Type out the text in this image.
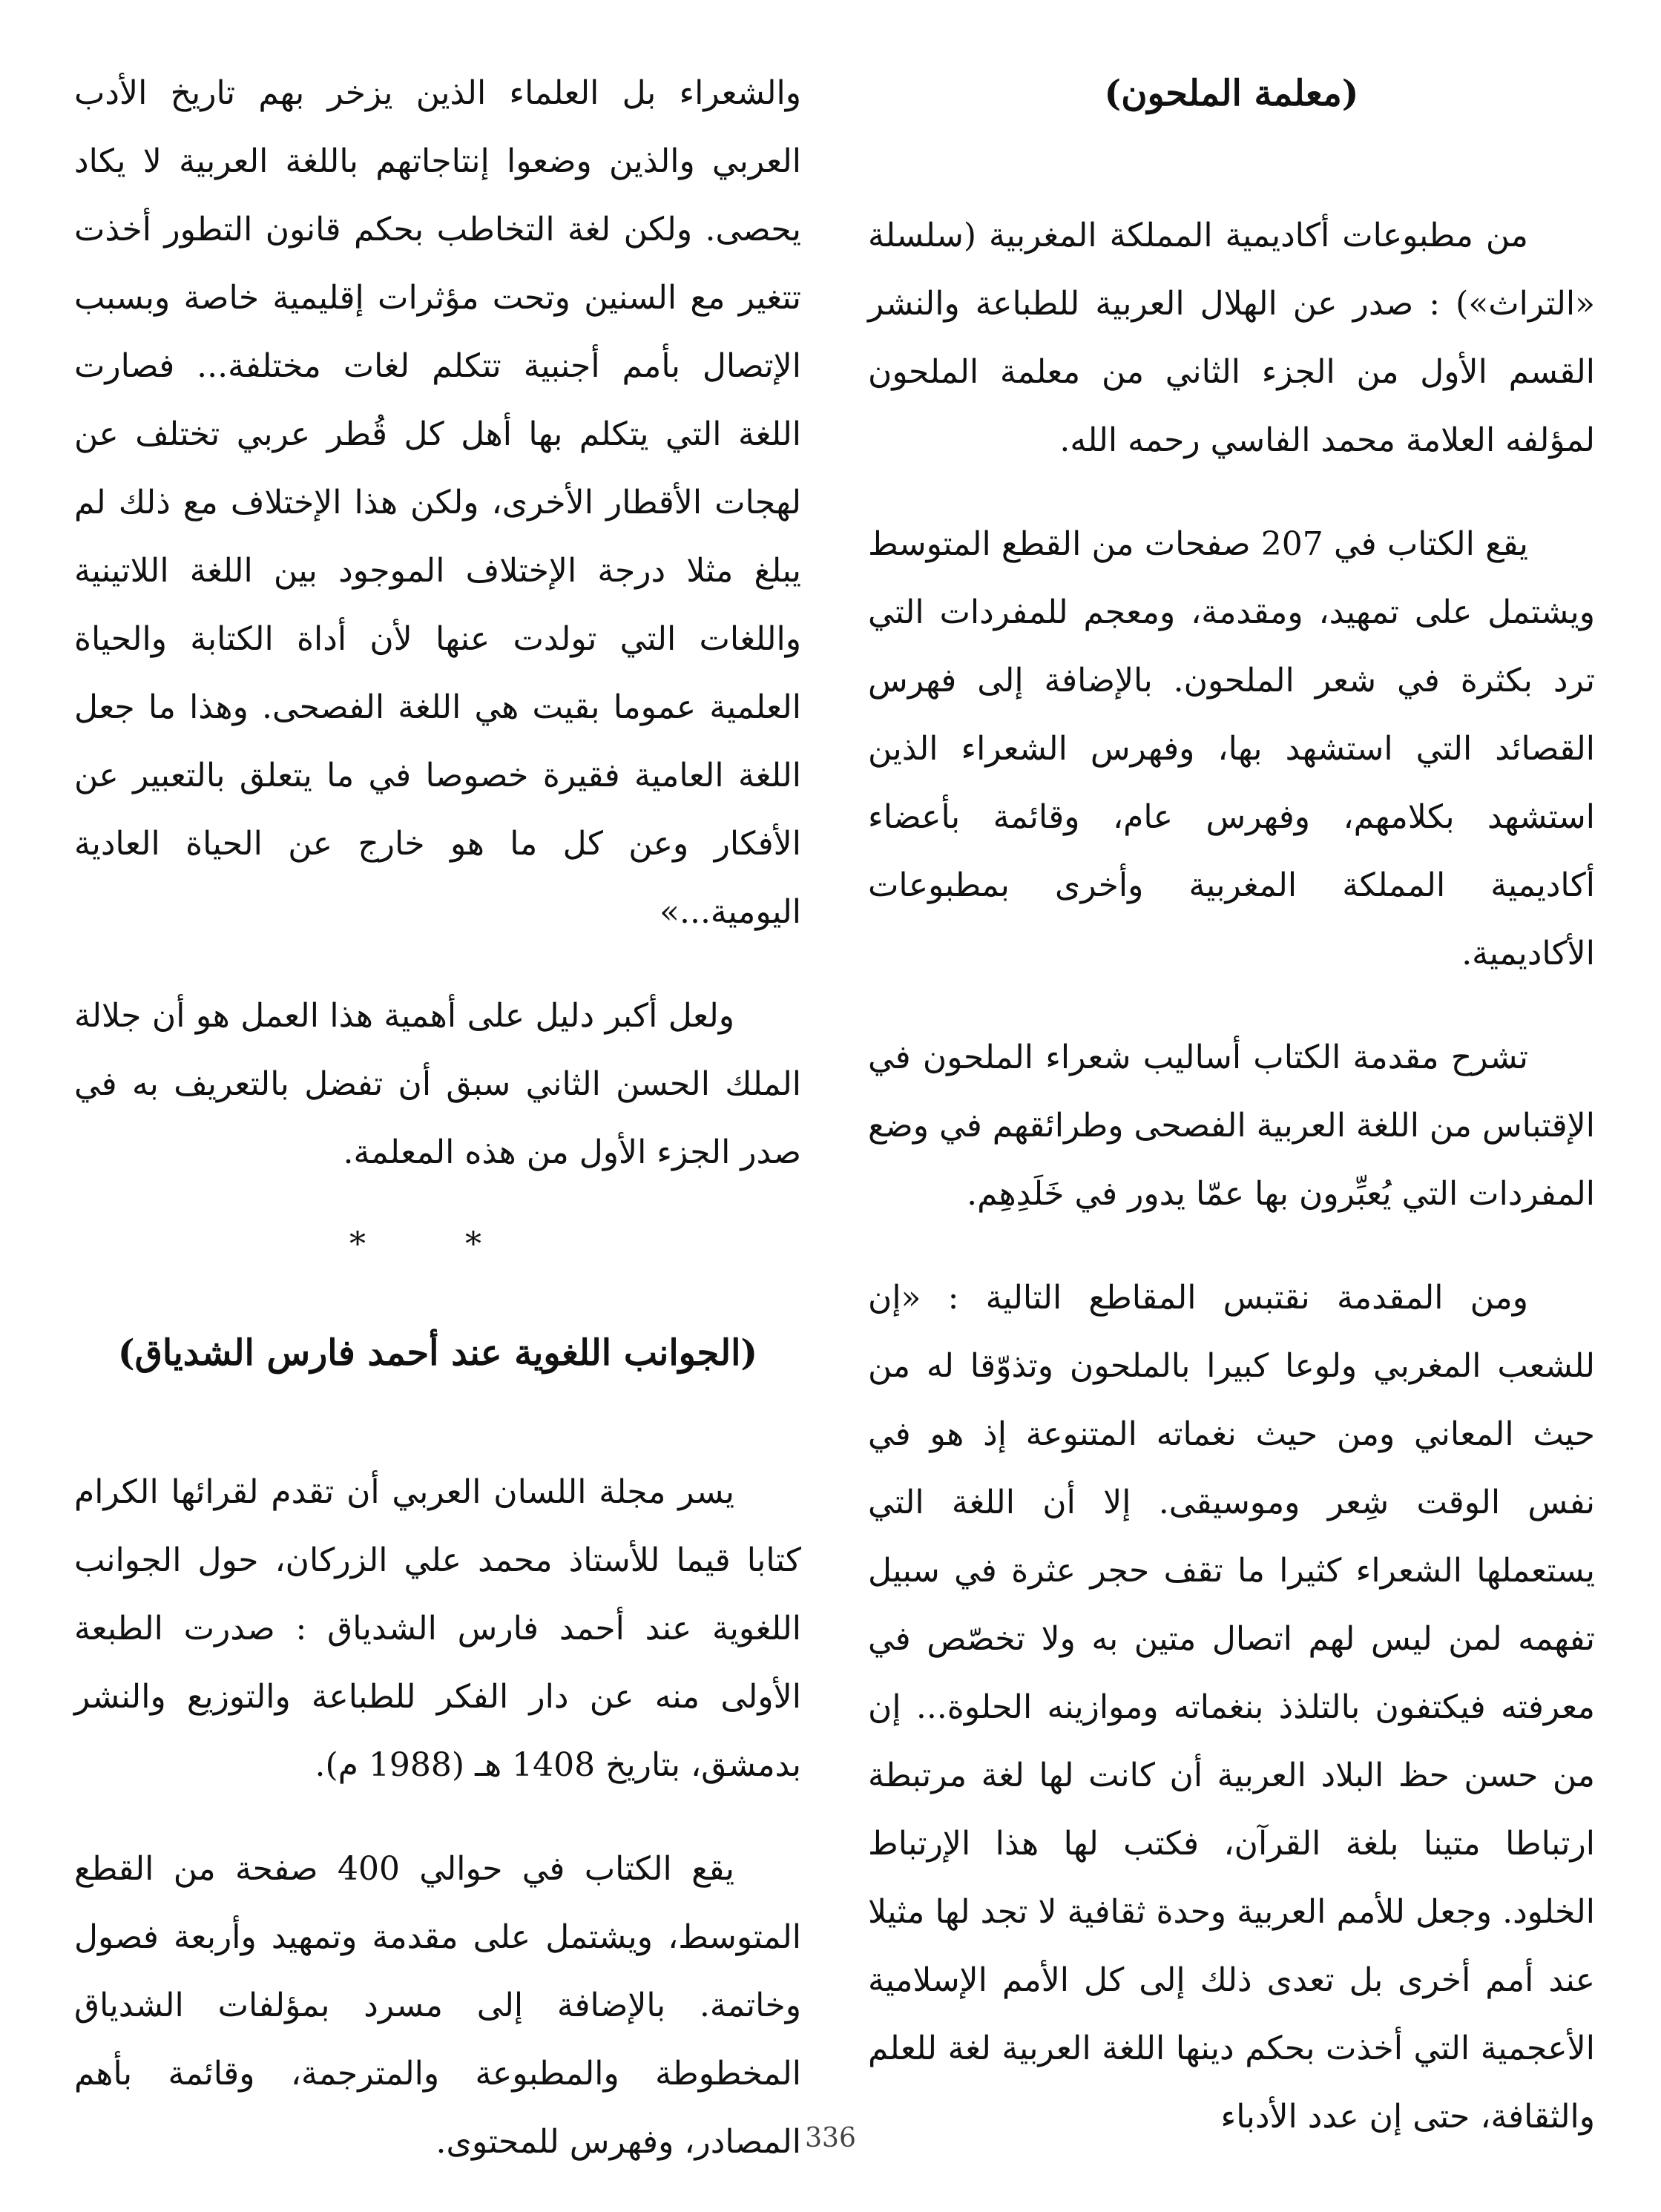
(معلمة الملحون)

من مطبوعات أكاديمية المملكة المغربية (سلسلة «التراث») : صدر عن الهلال العربية للطباعة والنشر القسم الأول من الجزء الثاني من معلمة الملحون لمؤلفه العلامة محمد الفاسي رحمه الله.

يقع الكتاب في 207 صفحات من القطع المتوسط ويشتمل على تمهيد، ومقدمة، ومعجم للمفردات التي ترد بكثرة في شعر الملحون. بالإضافة إلى فهرس القصائد التي استشهد بها، وفهرس الشعراء الذين استشهد بكلامهم، وفهرس عام، وقائمة بأعضاء أكاديمية المملكة المغربية وأخرى بمطبوعات الأكاديمية.

تشرح مقدمة الكتاب أساليب شعراء الملحون في الإقتباس من اللغة العربية الفصحى وطرائقهم في وضع المفردات التي يُعبِّرون بها عمّا يدور في خَلَدِهِم.

ومن المقدمة نقتبس المقاطع التالية : «إن للشعب المغربي ولوعا كبيرا بالملحون وتذوّقا له من حيث المعاني ومن حيث نغماته المتنوعة إذ هو في نفس الوقت شِعر وموسيقى. إلا أن اللغة التي يستعملها الشعراء كثيرا ما تقف حجر عثرة في سبيل تفهمه لمن ليس لهم اتصال متين به ولا تخصّص في معرفته فيكتفون بالتلذذ بنغماته وموازينه الحلوة... إن من حسن حظ البلاد العربية أن كانت لها لغة مرتبطة ارتباطا متينا بلغة القرآن، فكتب لها هذا الإرتباط الخلود. وجعل للأمم العربية وحدة ثقافية لا تجد لها مثيلا عند أمم أخرى بل تعدى ذلك إلى كل الأمم الإسلامية الأعجمية التي أخذت بحكم دينها اللغة العربية لغة للعلم والثقافة، حتى إن عدد الأدباء

والشعراء بل العلماء الذين يزخر بهم تاريخ الأدب العربي والذين وضعوا إنتاجاتهم باللغة العربية لا يكاد يحصى. ولكن لغة التخاطب بحكم قانون التطور أخذت تتغير مع السنين وتحت مؤثرات إقليمية خاصة وبسبب الإتصال بأمم أجنبية تتكلم لغات مختلفة... فصارت اللغة التي يتكلم بها أهل كل قُطر عربي تختلف عن لهجات الأقطار الأخرى، ولكن هذا الإختلاف مع ذلك لم يبلغ مثلا درجة الإختلاف الموجود بين اللغة اللاتينية واللغات التي تولدت عنها لأن أداة الكتابة والحياة العلمية عموما بقيت هي اللغة الفصحى. وهذا ما جعل اللغة العامية فقيرة خصوصا في ما يتعلق بالتعبير عن الأفكار وعن كل ما هو خارج عن الحياة العادية اليومية...»

ولعل أكبر دليل على أهمية هذا العمل هو أن جلالة الملك الحسن الثاني سبق أن تفضل بالتعريف به في صدر الجزء الأول من هذه المعلمة.

* *
(الجوانب اللغوية عند أحمد فارس الشدياق)

يسر مجلة اللسان العربي أن تقدم لقرائها الكرام كتابا قيما للأستاذ محمد علي الزركان، حول الجوانب اللغوية عند أحمد فارس الشدياق : صدرت الطبعة الأولى منه عن دار الفكر للطباعة والتوزيع والنشر بدمشق، بتاريخ 1408 هـ (1988 م).

يقع الكتاب في حوالي 400 صفحة من القطع المتوسط، ويشتمل على مقدمة وتمهيد وأربعة فصول وخاتمة. بالإضافة إلى مسرد بمؤلفات الشدياق المخطوطة والمطبوعة والمترجمة، وقائمة بأهم المصادر، وفهرس للمحتوى. 336
